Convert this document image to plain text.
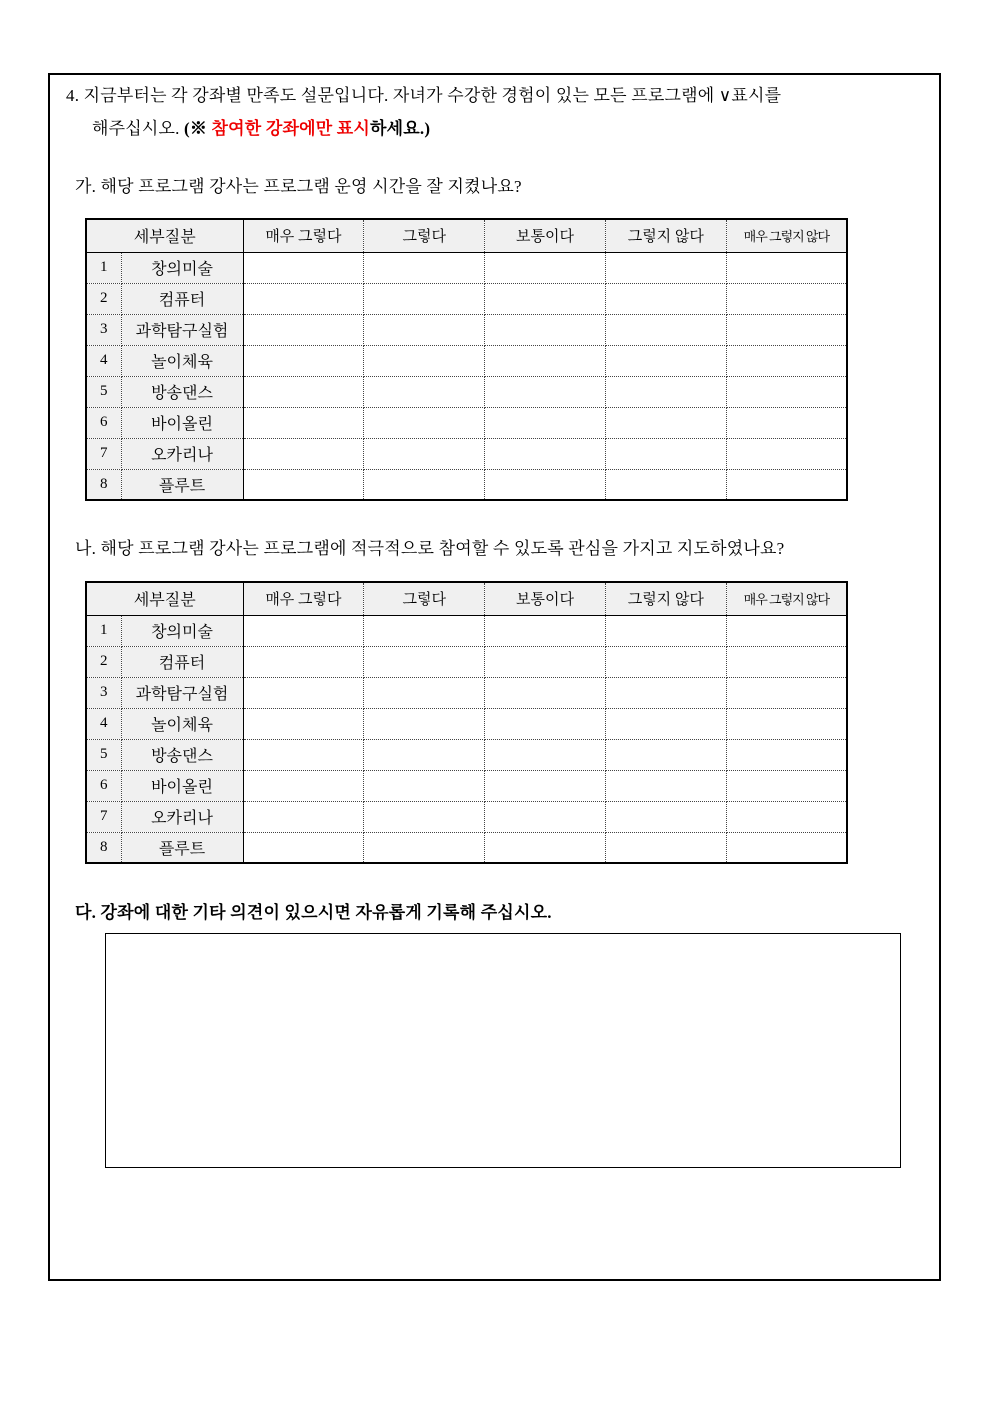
4. 지금부터는 각 강좌별 만족도 설문입니다. 자녀가 수강한 경험이 있는 모든 프로그램에 ∨표시를
해주십시오. (※ 참여한 강좌에만 표시하세요.)
가. 해당 프로그램 강사는 프로그램 운영 시간을 잘 지켰나요?
세부질분		매우 그렇다	그렇다	보통이다	그렇지 않다	매우 그렇지 않다
1	창의미술					
2	컴퓨터					
3	과학탐구실험					
4	놀이체육					
5	방송댄스					
6	바이올린					
7	오카리나					
8	플루트					
나. 해당 프로그램 강사는 프로그램에 적극적으로 참여할 수 있도록 관심을 가지고 지도하였나요?
세부질분		매우 그렇다	그렇다	보통이다	그렇지 않다	매우 그렇지 않다
1	창의미술					
2	컴퓨터					
3	과학탐구실험					
4	놀이체육					
5	방송댄스					
6	바이올린					
7	오카리나					
8	플루트					
다. 강좌에 대한 기타 의견이 있으시면 자유롭게 기록해 주십시오.
